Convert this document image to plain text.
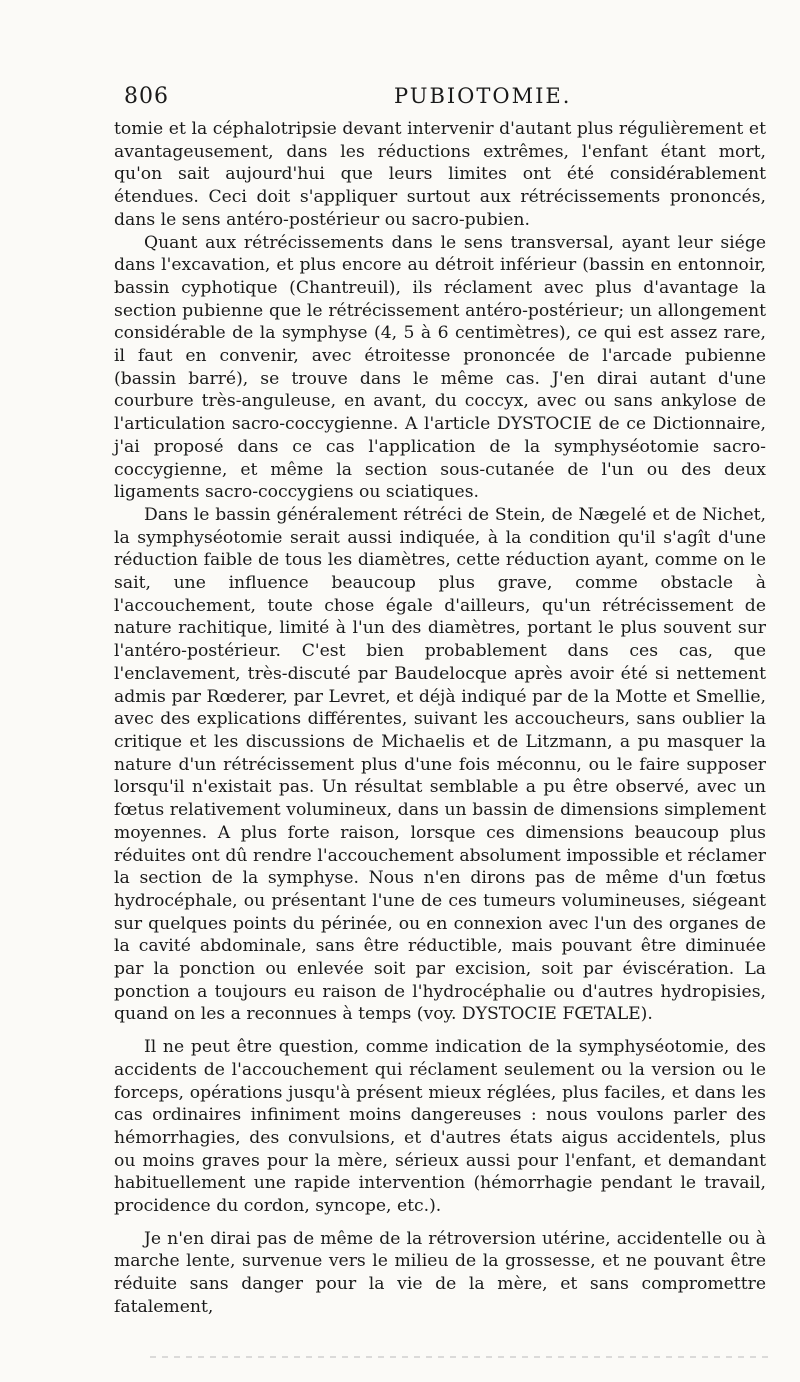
806	PUBIOTOMIE.

tomie et la céphalotripsie devant intervenir d'autant plus régulièrement et avantageusement, dans les réductions extrêmes, l'enfant étant mort, qu'on sait aujourd'hui que leurs limites ont été considérablement étendues. Ceci doit s'appliquer surtout aux rétrécissements prononcés, dans le sens antéro-postérieur ou sacro-pubien.

Quant aux rétrécissements dans le sens transversal, ayant leur siége dans l'excavation, et plus encore au détroit inférieur (bassin en entonnoir, bassin cyphotique (Chantreuil), ils réclament avec plus d'avantage la section pubienne que le rétrécissement antéro-postérieur; un allongement considérable de la symphyse (4, 5 à 6 centimètres), ce qui est assez rare, il faut en convenir, avec étroitesse prononcée de l'arcade pubienne (bassin barré), se trouve dans le même cas. J'en dirai autant d'une courbure très-anguleuse, en avant, du coccyx, avec ou sans ankylose de l'articulation sacro-coccygienne. A l'article DYSTOCIE de ce Dictionnaire, j'ai proposé dans ce cas l'application de la symphyséotomie sacro-coccygienne, et même la section sous-cutanée de l'un ou des deux ligaments sacro-coccygiens ou sciatiques.

Dans le bassin généralement rétréci de Stein, de Nægelé et de Nichet, la symphyséotomie serait aussi indiquée, à la condition qu'il s'agît d'une réduction faible de tous les diamètres, cette réduction ayant, comme on le sait, une influence beaucoup plus grave, comme obstacle à l'accouchement, toute chose égale d'ailleurs, qu'un rétrécissement de nature rachitique, limité à l'un des diamètres, portant le plus souvent sur l'antéro-postérieur. C'est bien probablement dans ces cas, que l'enclavement, très-discuté par Baudelocque après avoir été si nettement admis par Rœderer, par Levret, et déjà indiqué par de la Motte et Smellie, avec des explications différentes, suivant les accoucheurs, sans oublier la critique et les discussions de Michaelis et de Litzmann, a pu masquer la nature d'un rétrécissement plus d'une fois méconnu, ou le faire supposer lorsqu'il n'existait pas. Un résultat semblable a pu être observé, avec un fœtus relativement volumineux, dans un bassin de dimensions simplement moyennes. A plus forte raison, lorsque ces dimensions beaucoup plus réduites ont dû rendre l'accouchement absolument impossible et réclamer la section de la symphyse. Nous n'en dirons pas de même d'un fœtus hydrocéphale, ou présentant l'une de ces tumeurs volumineuses, siégeant sur quelques points du périnée, ou en connexion avec l'un des organes de la cavité abdominale, sans être réductible, mais pouvant être diminuée par la ponction ou enlevée soit par excision, soit par éviscération. La ponction a toujours eu raison de l'hydrocéphalie ou d'autres hydropisies, quand on les a reconnues à temps (voy. DYSTOCIE FŒTALE).

Il ne peut être question, comme indication de la symphyséotomie, des accidents de l'accouchement qui réclament seulement ou la version ou le forceps, opérations jusqu'à présent mieux réglées, plus faciles, et dans les cas ordinaires infiniment moins dangereuses : nous voulons parler des hémorrhagies, des convulsions, et d'autres états aigus accidentels, plus ou moins graves pour la mère, sérieux aussi pour l'enfant, et demandant habituellement une rapide intervention (hémorrhagie pendant le travail, procidence du cordon, syncope, etc.).

Je n'en dirai pas de même de la rétroversion utérine, accidentelle ou à marche lente, survenue vers le milieu de la grossesse, et ne pouvant être réduite sans danger pour la vie de la mère, et sans compromettre fatalement,
